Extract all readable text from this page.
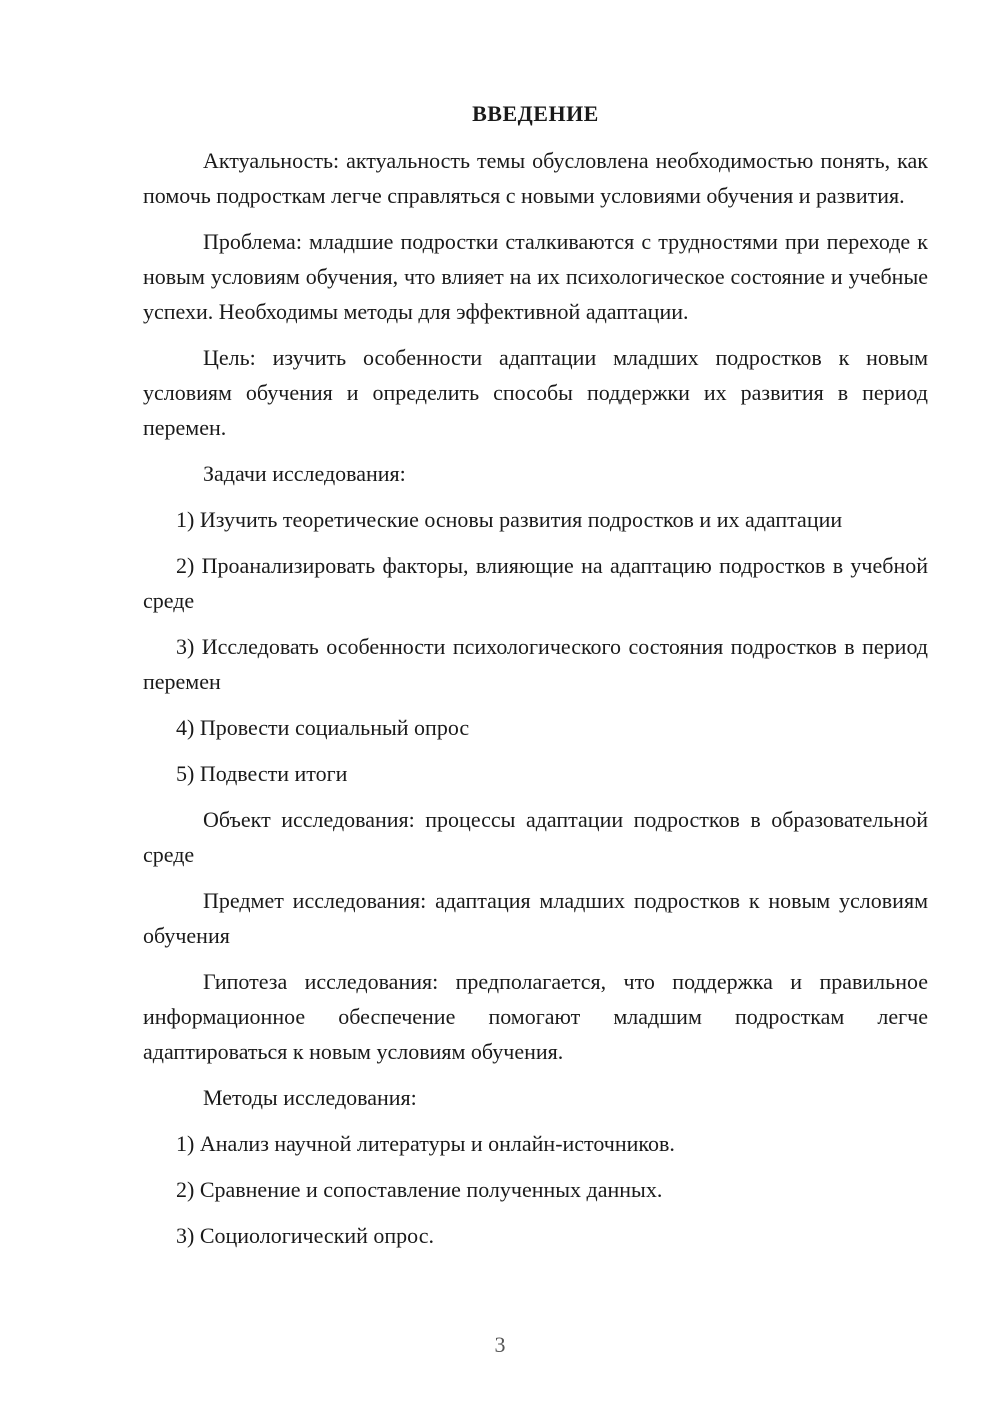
ВВЕДЕНИЕ

Актуальность: актуальность темы обусловлена необходимостью понять, как помочь подросткам легче справляться с новыми условиями обучения и развития.

Проблема: младшие подростки сталкиваются с трудностями при переходе к новым условиям обучения, что влияет на их психологическое состояние и учебные успехи. Необходимы методы для эффективной адаптации.

Цель: изучить особенности адаптации младших подростков к новым условиям обучения и определить способы поддержки их развития в период перемен.

Задачи исследования:

1) Изучить теоретические основы развития подростков и их адаптации

2) Проанализировать факторы, влияющие на адаптацию подростков в учебной среде

3) Исследовать особенности психологического состояния подростков в период перемен

4) Провести социальный опрос

5) Подвести итоги

Объект исследования: процессы адаптации подростков в образовательной среде

Предмет исследования: адаптация младших подростков к новым условиям обучения

Гипотеза исследования: предполагается, что поддержка и правильное информационное обеспечение помогают младшим подросткам легче адаптироваться к новым условиям обучения.

Методы исследования:

1) Анализ научной литературы и онлайн-источников.

2) Сравнение и сопоставление полученных данных.

3) Социологический опрос.

3
